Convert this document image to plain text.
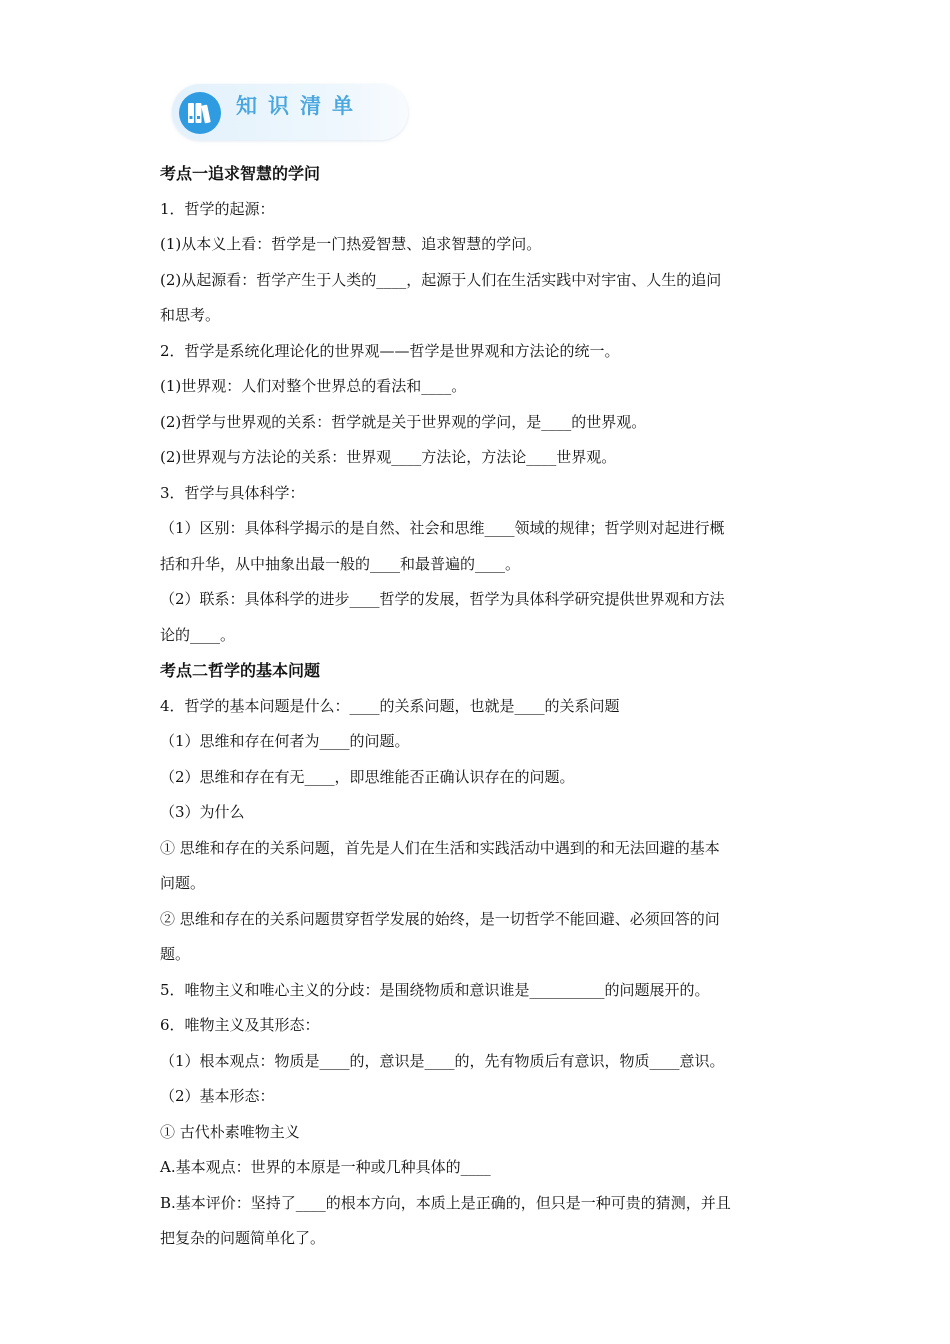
知识清单
考点一追求智慧的学问
1．哲学的起源：
(1)从本义上看：哲学是一门热爱智慧、追求智慧的学问。
(2)从起源看：哲学产生于人类的____，起源于人们在生活实践中对宇宙、人生的追问
和思考。
2．哲学是系统化理论化的世界观——哲学是世界观和方法论的统一。
(1)世界观：人们对整个世界总的看法和____。
(2)哲学与世界观的关系：哲学就是关于世界观的学问，是____的世界观。
(2)世界观与方法论的关系：世界观____方法论，方法论____世界观。
3．哲学与具体科学：
（1）区别：具体科学揭示的是自然、社会和思维____领域的规律；哲学则对起进行概
括和升华，从中抽象出最一般的____和最普遍的____。
（2）联系：具体科学的进步____哲学的发展，哲学为具体科学研究提供世界观和方法
论的____。
考点二哲学的基本问题
4．哲学的基本问题是什么：____的关系问题，也就是____的关系问题
（1）思维和存在何者为____的问题。
（2）思维和存在有无____，即思维能否正确认识存在的问题。
（3）为什么
① 思维和存在的关系问题，首先是人们在生活和实践活动中遇到的和无法回避的基本
问题。
② 思维和存在的关系问题贯穿哲学发展的始终，是一切哲学不能回避、必须回答的问
题。
5．唯物主义和唯心主义的分歧：是围绕物质和意识谁是__________的问题展开的。
6．唯物主义及其形态：
（1）根本观点：物质是____的，意识是____的，先有物质后有意识，物质____意识。
（2）基本形态：
① 古代朴素唯物主义
A.基本观点：世界的本原是一种或几种具体的____
B.基本评价：坚持了____的根本方向，本质上是正确的，但只是一种可贵的猜测，并且
把复杂的问题简单化了。
